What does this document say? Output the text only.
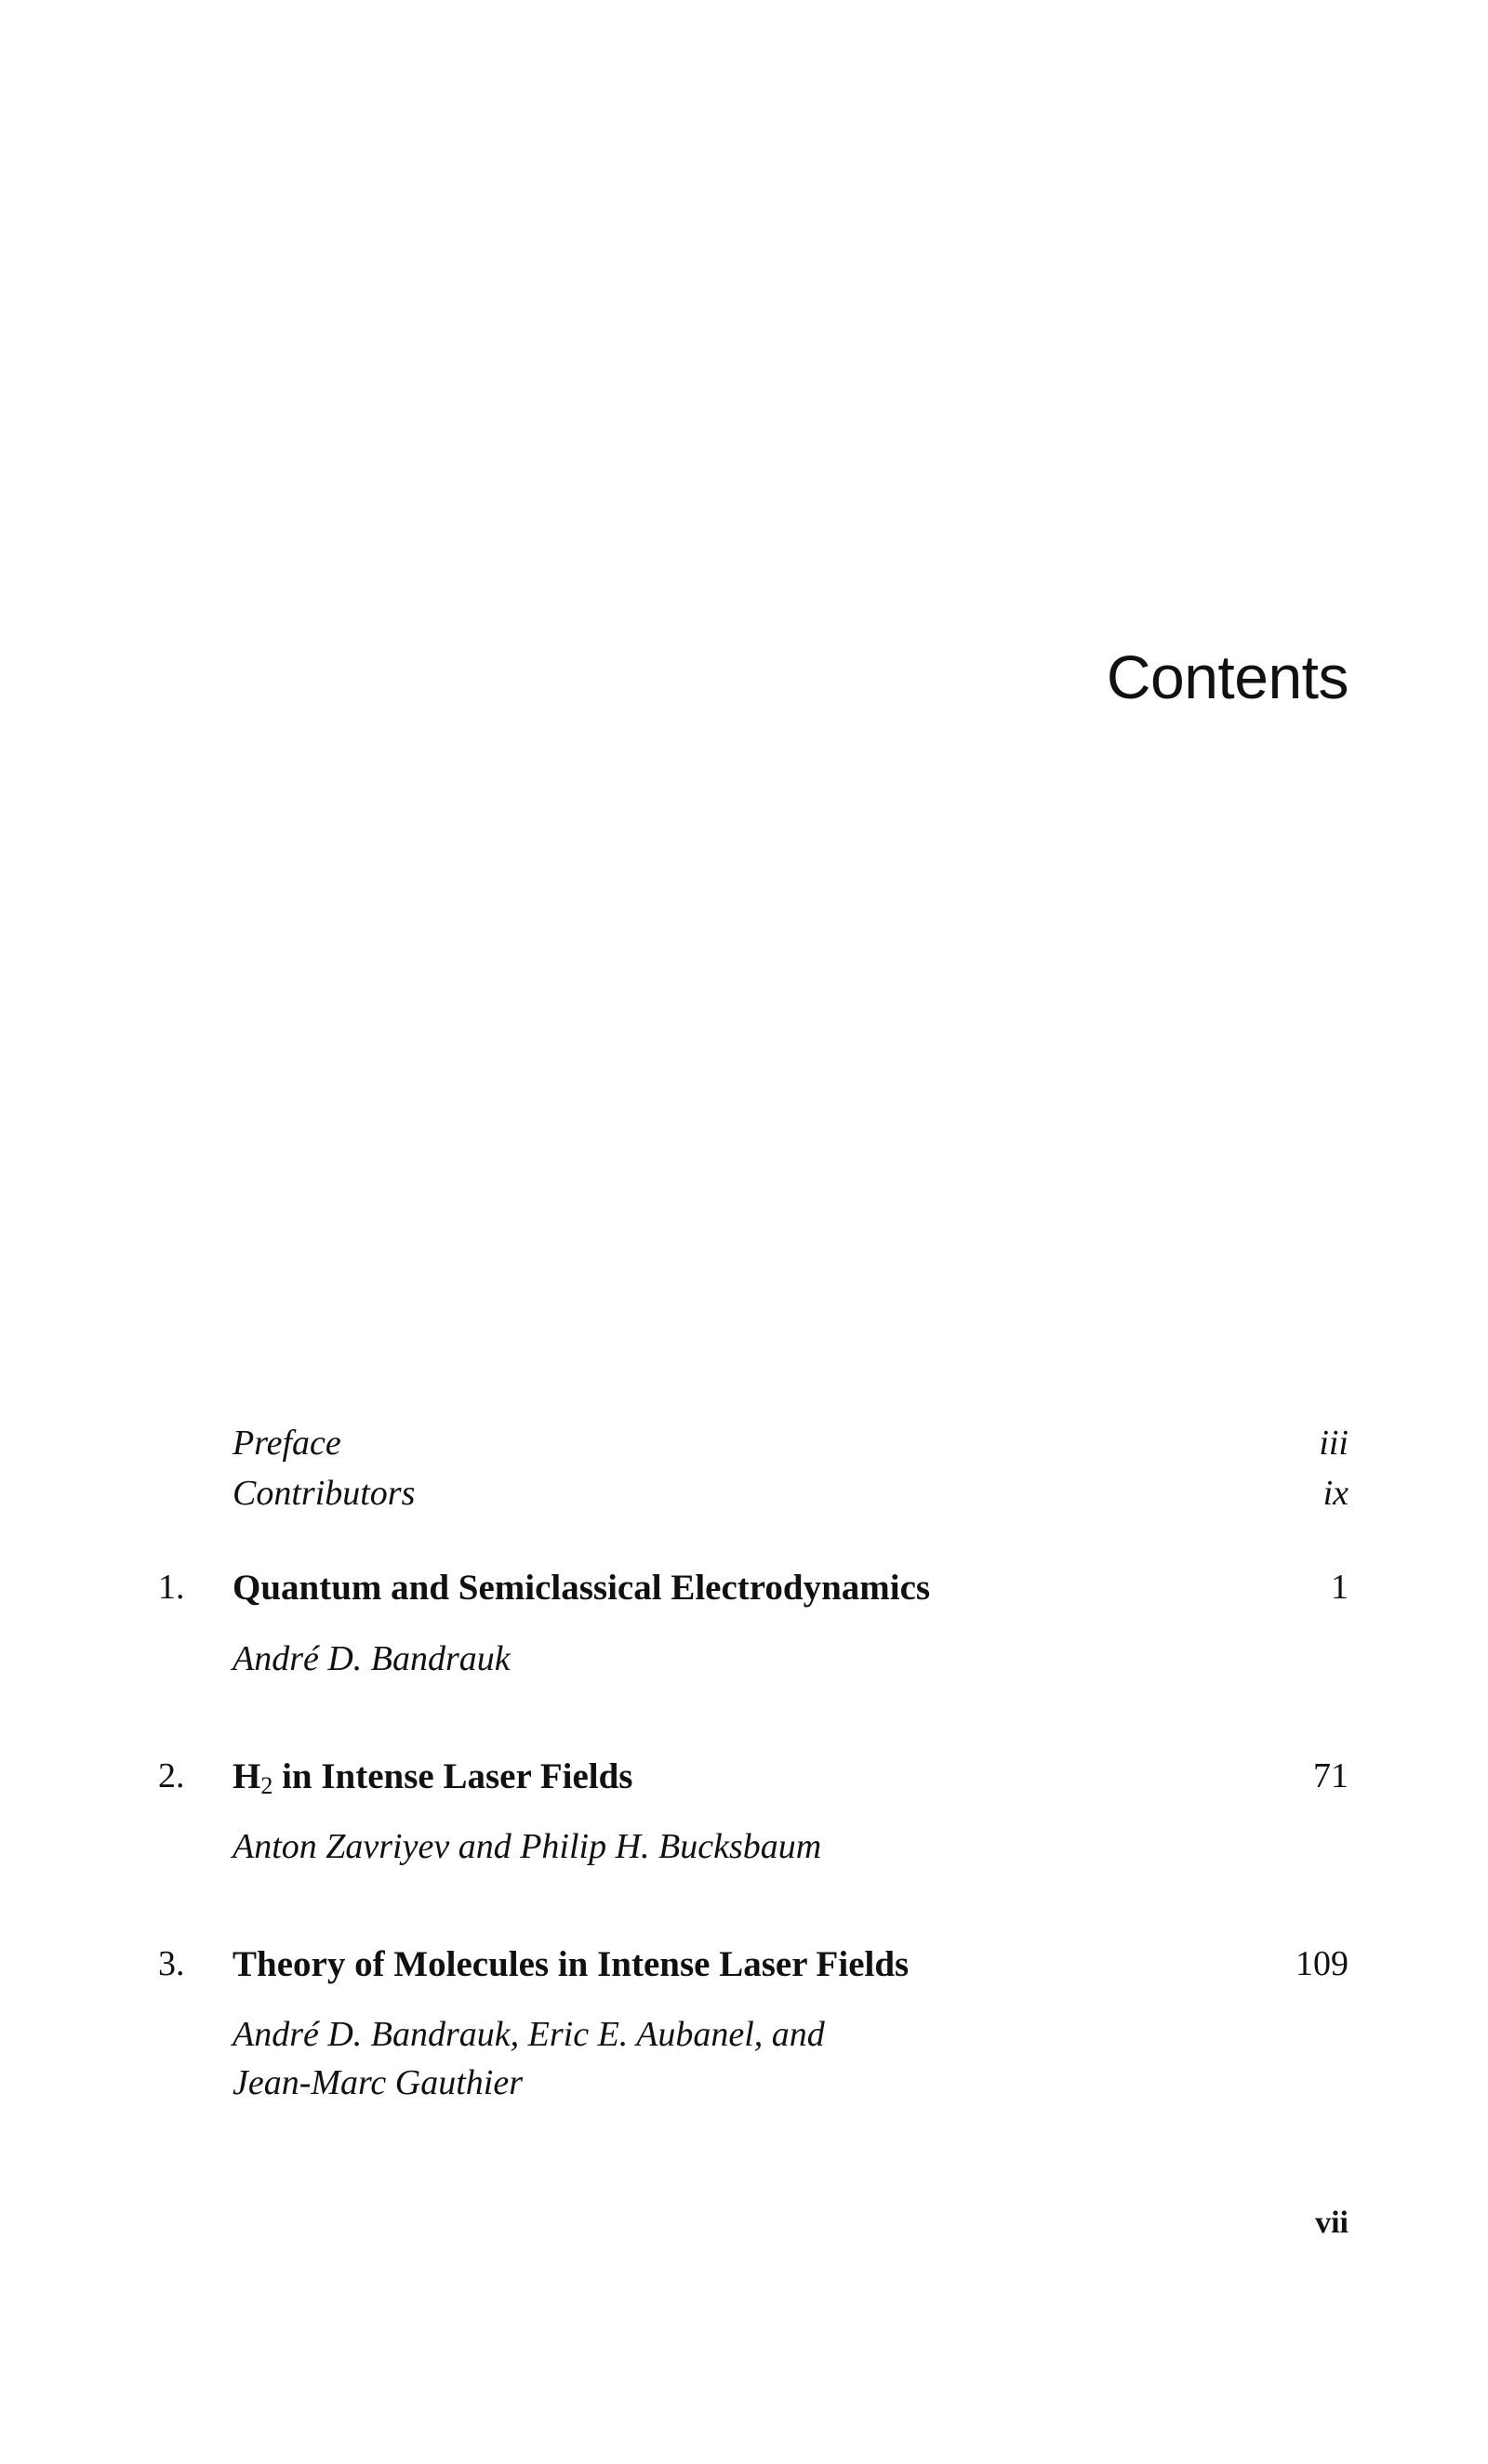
Contents
Preface	iii
Contributors	ix
1. Quantum and Semiclassical Electrodynamics	1
André D. Bandrauk
2. H2 in Intense Laser Fields	71
Anton Zavriyev and Philip H. Bucksbaum
3. Theory of Molecules in Intense Laser Fields	109
André D. Bandrauk, Eric E. Aubanel, and
Jean-Marc Gauthier
vii
